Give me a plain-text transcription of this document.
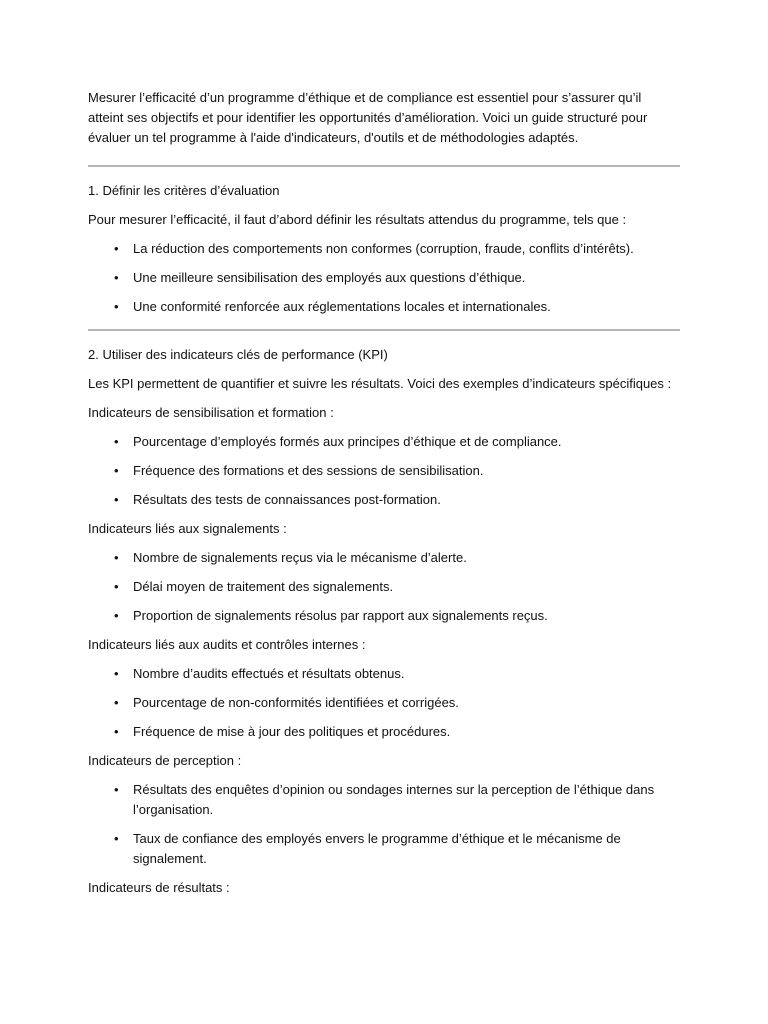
Mesurer l’efficacité d’un programme d’éthique et de compliance est essentiel pour s’assurer qu’il atteint ses objectifs et pour identifier les opportunités d’amélioration. Voici un guide structuré pour évaluer un tel programme à l'aide d'indicateurs, d'outils et de méthodologies adaptés.

1. Définir les critères d’évaluation

Pour mesurer l’efficacité, il faut d’abord définir les résultats attendus du programme, tels que :

• La réduction des comportements non conformes (corruption, fraude, conflits d’intérêts).
• Une meilleure sensibilisation des employés aux questions d’éthique.
• Une conformité renforcée aux réglementations locales et internationales.

2. Utiliser des indicateurs clés de performance (KPI)

Les KPI permettent de quantifier et suivre les résultats. Voici des exemples d’indicateurs spécifiques :

Indicateurs de sensibilisation et formation :

• Pourcentage d’employés formés aux principes d’éthique et de compliance.
• Fréquence des formations et des sessions de sensibilisation.
• Résultats des tests de connaissances post-formation.

Indicateurs liés aux signalements :

• Nombre de signalements reçus via le mécanisme d’alerte.
• Délai moyen de traitement des signalements.
• Proportion de signalements résolus par rapport aux signalements reçus.

Indicateurs liés aux audits et contrôles internes :

• Nombre d’audits effectués et résultats obtenus.
• Pourcentage de non-conformités identifiées et corrigées.
• Fréquence de mise à jour des politiques et procédures.

Indicateurs de perception :

• Résultats des enquêtes d’opinion ou sondages internes sur la perception de l’éthique dans l’organisation.
• Taux de confiance des employés envers le programme d’éthique et le mécanisme de signalement.

Indicateurs de résultats :
